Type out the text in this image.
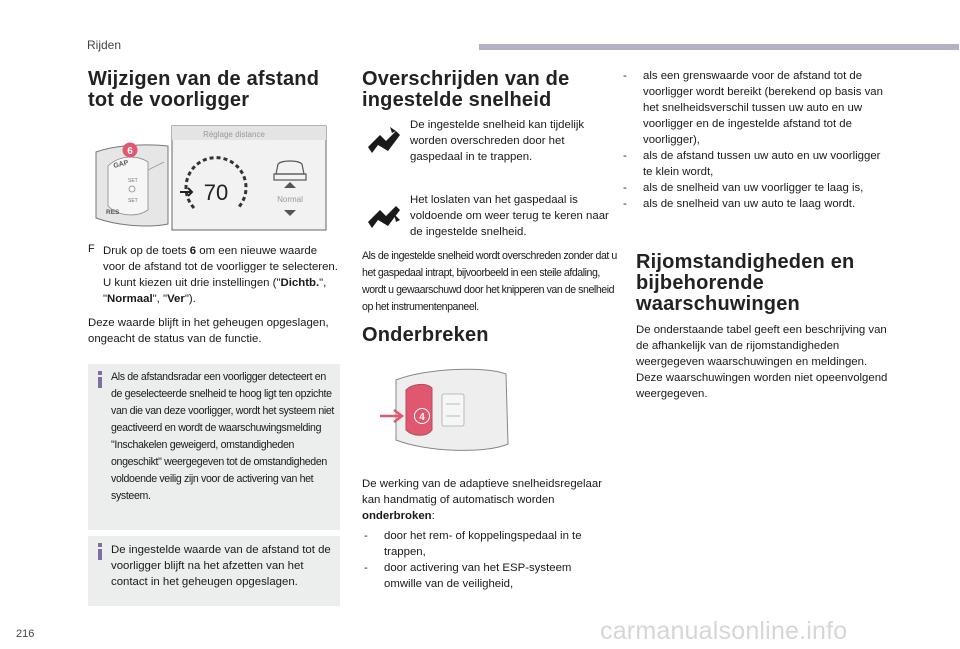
Rijden
216	carmanualsonline.info
Wijzigen van de afstand tot de voorligger
GAP
SET
SET
RES
6
Réglage distance
70	Normal
F Druk op de toets 6 om een nieuwe waarde voor de afstand tot de voorligger te selecteren. U kunt kiezen uit drie instellingen ("Dichtb.", "Normaal", "Ver").

Deze waarde blijft in het geheugen opgeslagen, ongeacht de status van de functie.

Als de afstandsradar een voorligger detecteert en de geselecteerde snelheid te hoog ligt ten opzichte van die van deze voorligger, wordt het systeem niet geactiveerd en wordt de waarschuwingsmelding "Inschakelen geweigerd, omstandigheden ongeschikt" weergegeven tot de omstandigheden voldoende veilig zijn voor de activering van het systeem.

De ingestelde waarde van de afstand tot de voorligger blijft na het afzetten van het contact in het geheugen opgeslagen.

Overschrijden van de ingestelde snelheid

De ingestelde snelheid kan tijdelijk worden overschreden door het gaspedaal in te trappen.

Het loslaten van het gaspedaal is voldoende om weer terug te keren naar de ingestelde snelheid.

Als de ingestelde snelheid wordt overschreden zonder dat u het gaspedaal intrapt, bijvoorbeeld in een steile afdaling, wordt u gewaarschuwd door het knipperen van de snelheid op het instrumentenpaneel.

Onderbreken
4

De werking van de adaptieve snelheidsregelaar kan handmatig of automatisch worden onderbroken:

- door het rem- of koppelingspedaal in te trappen,
- door activering van het ESP-systeem omwille van de veiligheid,
- als een grenswaarde voor de afstand tot de voorligger wordt bereikt (berekend op basis van het snelheidsverschil tussen uw auto en uw voorligger en de ingestelde afstand tot de voorligger),
- als de afstand tussen uw auto en uw voorligger te klein wordt,
- als de snelheid van uw voorligger te laag is,
- als de snelheid van uw auto te laag wordt.
Rijomstandigheden en bijbehorende waarschuwingen

De onderstaande tabel geeft een beschrijving van de afhankelijk van de rijomstandigheden weergegeven waarschuwingen en meldingen. Deze waarschuwingen worden niet opeenvolgend weergegeven.
